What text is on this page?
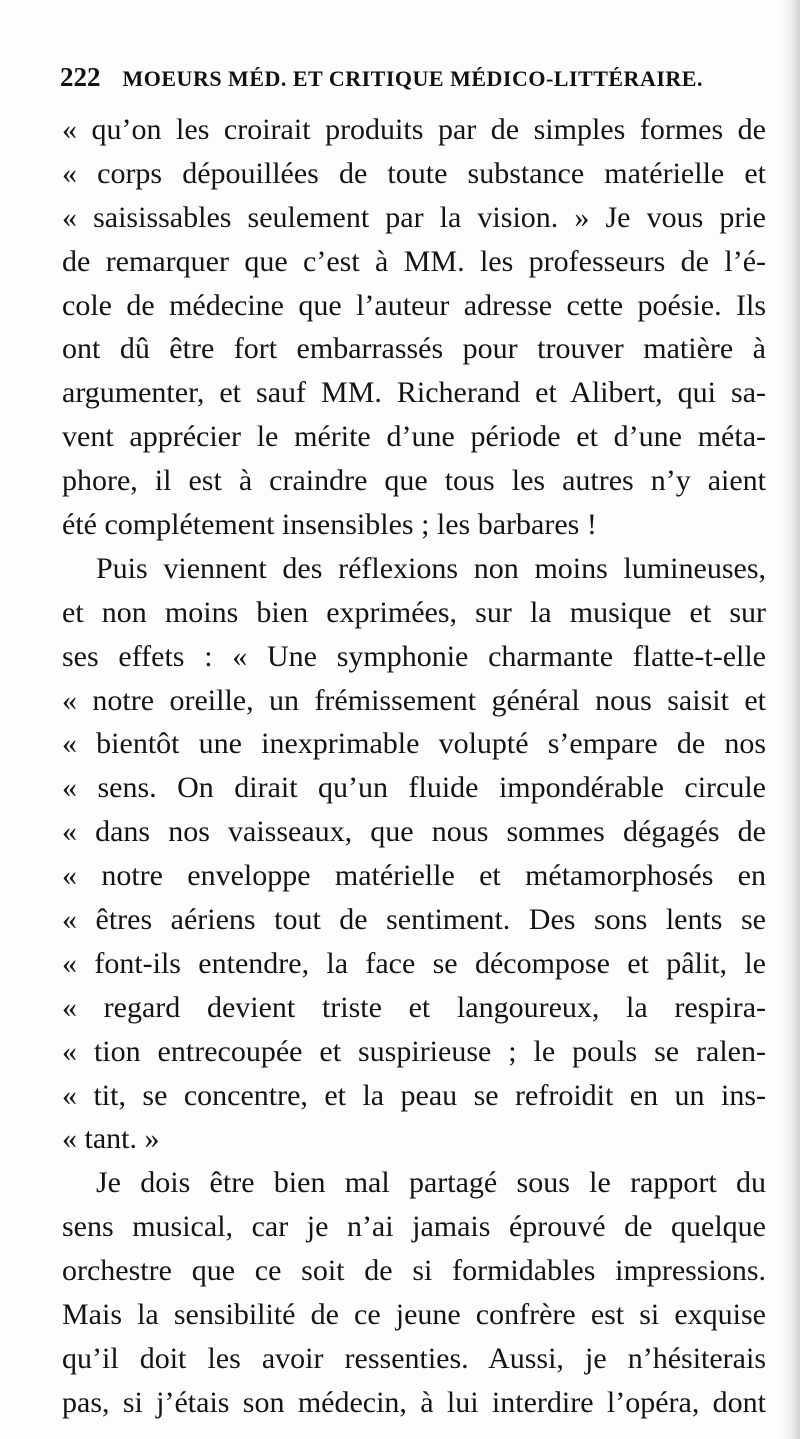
222 MOEURS MÉD. ET CRITIQUE MÉDICO-LITTÉRAIRE.
« qu’on les croirait produits par de simples formes de
« corps dépouillées de toute substance matérielle et
« saisissables seulement par la vision. » Je vous prie
de remarquer que c’est à MM. les professeurs de l’é-
cole de médecine que l’auteur adresse cette poésie. Ils
ont dû être fort embarrassés pour trouver matière à
argumenter, et sauf MM. Richerand et Alibert, qui sa-
vent apprécier le mérite d’une période et d’une méta-
phore, il est à craindre que tous les autres n’y aient
été complétement insensibles ; les barbares !
Puis viennent des réflexions non moins lumineuses,
et non moins bien exprimées, sur la musique et sur
ses effets : « Une symphonie charmante flatte-t-elle
« notre oreille, un frémissement général nous saisit et
« bientôt une inexprimable volupté s’empare de nos
« sens. On dirait qu’un fluide impondérable circule
« dans nos vaisseaux, que nous sommes dégagés de
« notre enveloppe matérielle et métamorphosés en
« êtres aériens tout de sentiment. Des sons lents se
« font-ils entendre, la face se décompose et pâlit, le
« regard devient triste et langoureux, la respira-
« tion entrecoupée et suspirieuse ; le pouls se ralen-
« tit, se concentre, et la peau se refroidit en un ins-
« tant. »
Je dois être bien mal partagé sous le rapport du
sens musical, car je n’ai jamais éprouvé de quelque
orchestre que ce soit de si formidables impressions.
Mais la sensibilité de ce jeune confrère est si exquise
qu’il doit les avoir ressenties. Aussi, je n’hésiterais
pas, si j’étais son médecin, à lui interdire l’opéra, dont
